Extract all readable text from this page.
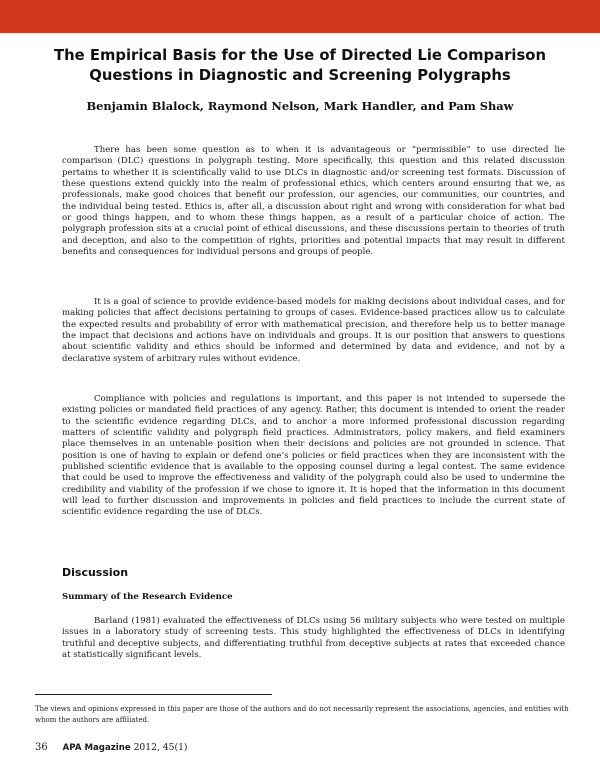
The Empirical Basis for the Use of Directed Lie Comparison Questions in Diagnostic and Screening Polygraphs
Benjamin Blalock, Raymond Nelson, Mark Handler, and Pam Shaw

There has been some question as to when it is advantageous or “permissible” to use directed lie comparison (DLC) questions in polygraph testing. More specifically, this question and this related discussion pertains to whether it is scientifically valid to use DLCs in diagnostic and/or screening test formats. Discussion of these questions extend quickly into the realm of professional ethics, which centers around ensuring that we, as professionals, make good choices that benefit our profession, our agencies, our communities, our countries, and the individual being tested. Ethics is, after all, a discussion about right and wrong with consideration for what bad or good things happen, and to whom these things happen, as a result of a particular choice of action. The polygraph profession sits at a crucial point of ethical discussions, and these discussions pertain to theories of truth and deception, and also to the competition of rights, priorities and potential impacts that may result in different benefits and consequences for individual persons and groups of people.

It is a goal of science to provide evidence-based models for making decisions about individual cases, and for making policies that affect decisions pertaining to groups of cases. Evidence-based practices allow us to calculate the expected results and probability of error with mathematical precision, and therefore help us to better manage the impact that decisions and actions have on individuals and groups. It is our position that answers to questions about scientific validity and ethics should be informed and determined by data and evidence, and not by a declarative system of arbitrary rules without evidence.

Compliance with policies and regulations is important, and this paper is not intended to supersede the existing policies or mandated field practices of any agency. Rather, this document is intended to orient the reader to the scientific evidence regarding DLCs, and to anchor a more informed professional discussion regarding matters of scientific validity and polygraph field practices. Administrators, policy makers, and field examiners place themselves in an untenable position when their decisions and policies are not grounded in science. That position is one of having to explain or defend one’s policies or field practices when they are inconsistent with the published scientific evidence that is available to the opposing counsel during a legal contest. The same evidence that could be used to improve the effectiveness and validity of the polygraph could also be used to undermine the credibility and viability of the profession if we chose to ignore it. It is hoped that the information in this document will lead to further discussion and improvements in policies and field practices to include the current state of scientific evidence regarding the use of DLCs.

Discussion
Summary of the Research Evidence

Barland (1981) evaluated the effectiveness of DLCs using 56 military subjects who were tested on multiple issues in a laboratory study of screening tests. This study highlighted the effectiveness of DLCs in identifying truthful and deceptive subjects, and differentiating truthful from deceptive subjects at rates that exceeded chance at statistically significant levels.

The views and opinions expressed in this paper are those of the authors and do not necessarily represent the associations, agencies, and entities with whom the authors are affiliated.

36 APA Magazine 2012, 45(1)
